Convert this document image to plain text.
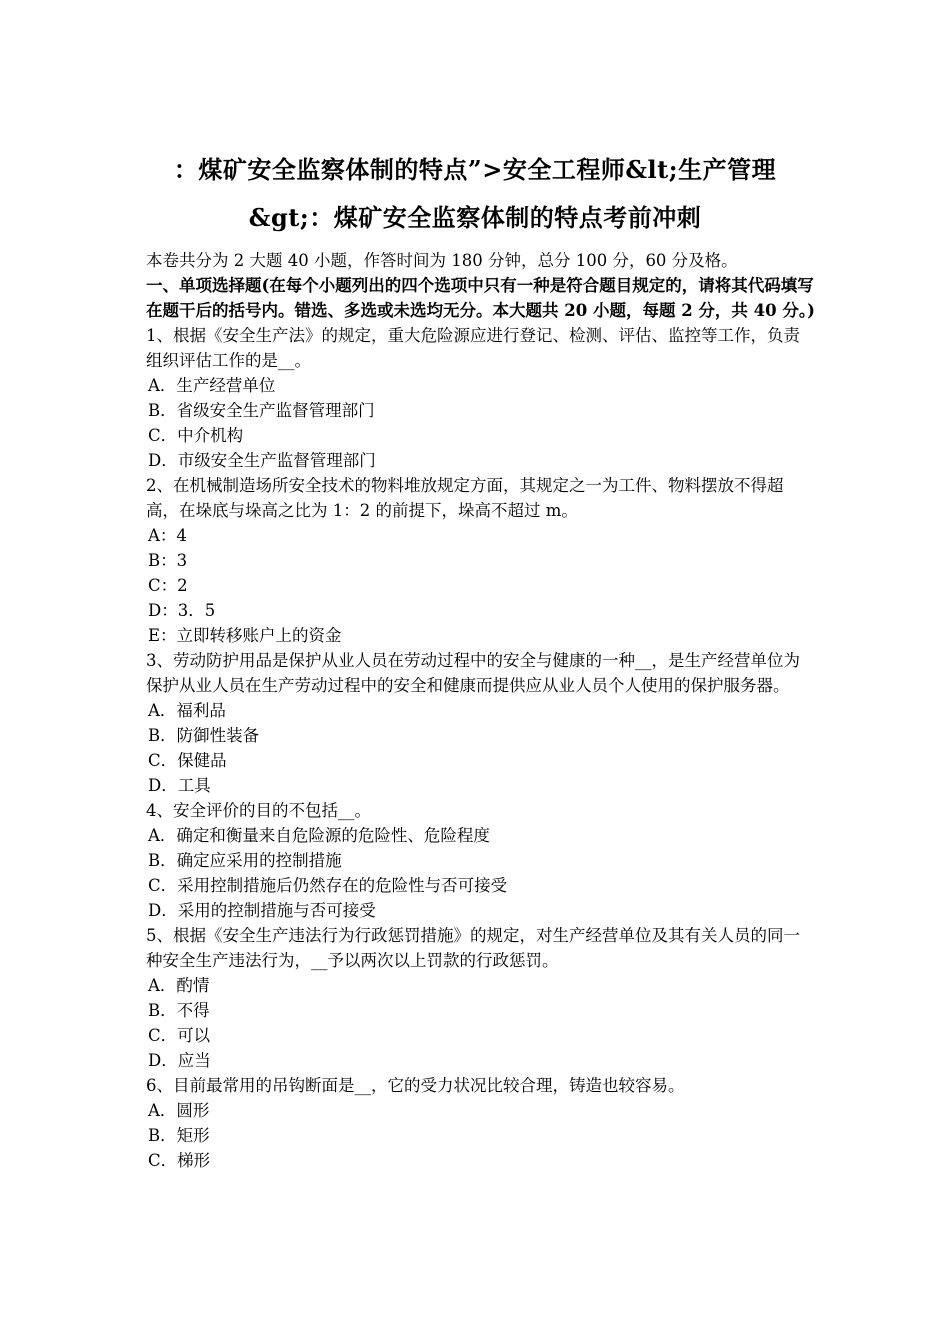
：煤矿安全监察体制的特点”>安全工程师&lt;生产管理
&gt;：煤矿安全监察体制的特点考前冲刺

本卷共分为 2 大题 40 小题，作答时间为 180 分钟，总分 100 分，60 分及格。

一、单项选择题(在每个小题列出的四个选项中只有一种是符合题目规定的，请将其代码填写在题干后的括号内。错选、多选或未选均无分。本大题共 20 小题，每题 2 分，共 40 分。)

1、根据《安全生产法》的规定，重大危险源应进行登记、检测、评估、监控等工作，负责组织评估工作的是__。

A．生产经营单位

B．省级安全生产监督管理部门

C．中介机构

D．市级安全生产监督管理部门

2、在机械制造场所安全技术的物料堆放规定方面，其规定之一为工件、物料摆放不得超高，在垛底与垛高之比为 1：2 的前提下，垛高不超过 m。

A：4

B：3

C：2

D：3．5

E：立即转移账户上的资金

3、劳动防护用品是保护从业人员在劳动过程中的安全与健康的一种__，是生产经营单位为保护从业人员在生产劳动过程中的安全和健康而提供应从业人员个人使用的保护服务器。

A．福利品

B．防御性装备

C．保健品

D．工具

4、安全评价的目的不包括__。

A．确定和衡量来自危险源的危险性、危险程度

B．确定应采用的控制措施

C．采用控制措施后仍然存在的危险性与否可接受

D．采用的控制措施与否可接受

5、根据《安全生产违法行为行政惩罚措施》的规定，对生产经营单位及其有关人员的同一种安全生产违法行为，__予以两次以上罚款的行政惩罚。

A．酌情

B．不得

C．可以

D．应当

6、目前最常用的吊钩断面是__，它的受力状况比较合理，铸造也较容易。

A．圆形

B．矩形

C．梯形
